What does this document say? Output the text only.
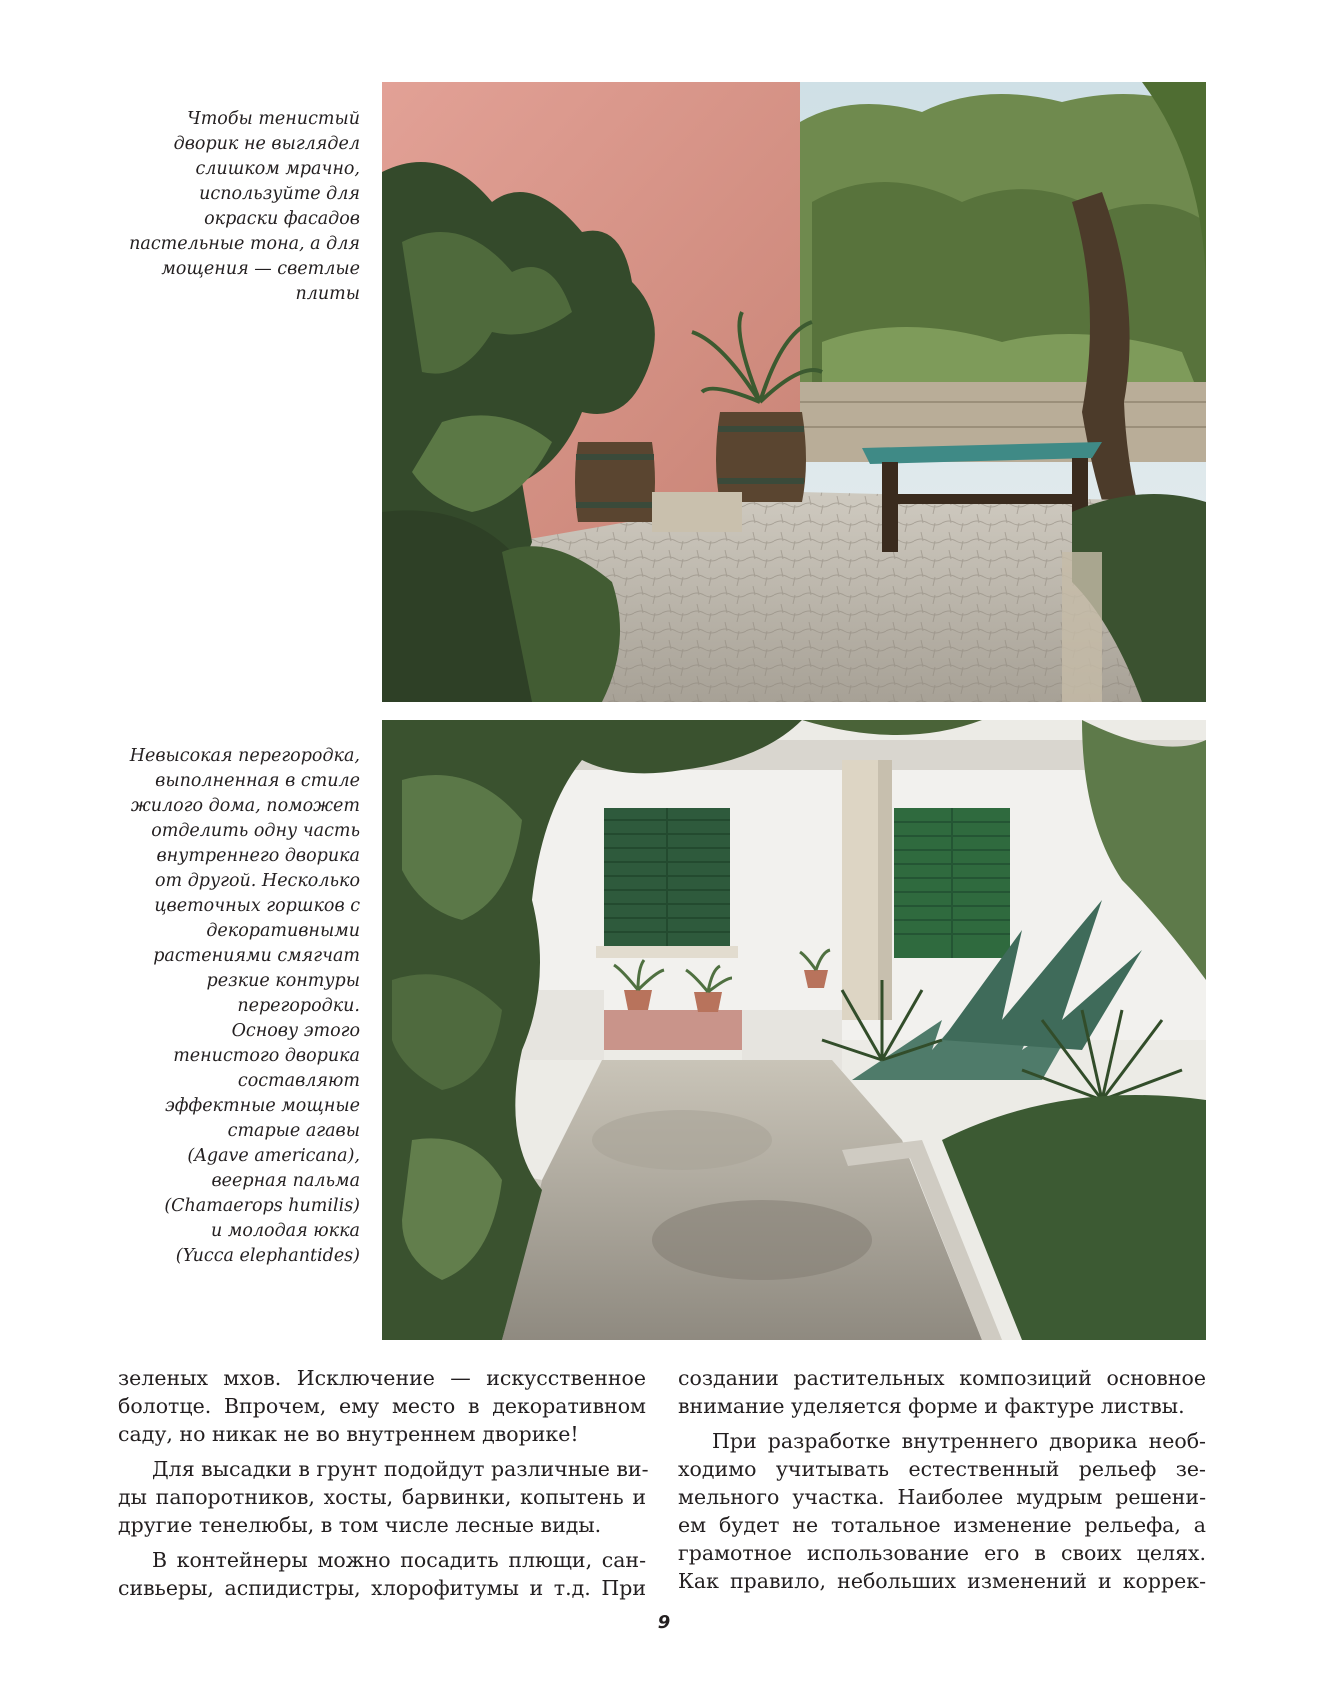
Чтобы тенистый
дворик не выглядел
слишком мрачно,
используйте для
окраски фасадов
пастельные тона, а для
мощения — светлые
плиты
Невысокая перегородка,
выполненная в стиле
жилого дома, поможет
отделить одну часть
внутреннего дворика
от другой. Несколько
цветочных горшков с
декоративными
растениями смягчат
резкие контуры
перегородки.
Основу этого
тенистого дворика
составляют
эффектные мощные
старые агавы
(Agave americana),
веерная пальма
(Chamaerops humilis)
и молодая юкка
(Yucca elephantides)

зеленых мхов. Исключение — искусственное
болотце. Впрочем, ему место в декоративном
саду, но никак не во внутреннем дворике!

Для высадки в грунт подойдут различные ви-
ды папоротников, хосты, барвинки, копытень и
другие тенелюбы, в том числе лесные виды.

В контейнеры можно посадить плющи, сан-
сивьеры, аспидистры, хлорофитумы и т.д. При

создании растительных композиций основное
внимание уделяется форме и фактуре листвы.

При разработке внутреннего дворика необ-
ходимо учитывать естественный рельеф зе-
мельного участка. Наиболее мудрым решени-
ем будет не тотальное изменение рельефа, а
грамотное использование его в своих целях.
Как правило, небольших изменений и коррек-

9
